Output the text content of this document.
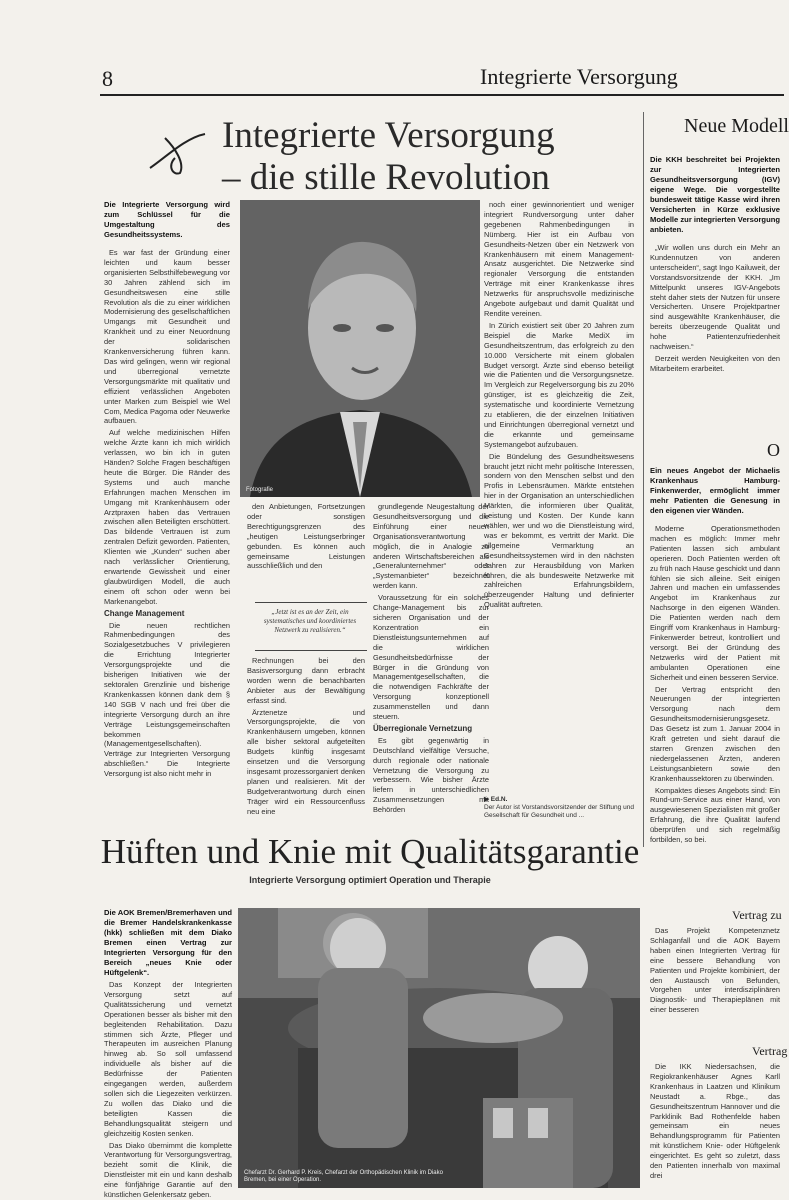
8	Integrierte Versorgung
Integrierte Versorgung
– die stille Revolution

Die Integrierte Versorgung wird zum Schlüssel für die Umgestaltung des Gesundheitssystems.

Es war fast der Gründung einer leichten und kaum besser organisierten Selbsthilfebewegung vor 30 Jahren zählend sich im Gesundheitswesen eine stille Revolution als die zu einer wirklichen Modernisierung des gesellschaftlichen Umgangs mit Gesundheit und Krankheit und zu einer Neuordnung der solidarischen Krankenversicherung führen kann. Das wird gelingen, wenn wir regional und überregional vernetzte Versorgungsmärkte mit qualitativ und effizient verlässlichen Angeboten unter Marken zum Beispiel wie Wel Com, Medica Pagoma oder Neuwerke aufbauen.

Auf welche medizinischen Hilfen welche Ärzte kann ich mich wirklich verlassen, wo bin ich in guten Händen? Solche Fragen beschäftigen heute die Bürger. Die Ränder des Systems und auch manche Erfahrungen machen Menschen im Umgang mit Krankenhäusern oder Arztpraxen haben das Vertrauen zwischen allen Beteiligten erschüttert. Das bildende Vertrauen ist zum zentralen Defizit geworden. Patienten, Klienten wie „Kunden“ suchen aber nach verlässlicher Orientierung, erwartende Gewissheit und einer glaubwürdigen Modell, die auch einem oft schon oder wenn bei Markenangebot.

Change Management

Die neuen rechtlichen Rahmenbedingungen des Sozialgesetzbuches V privilegieren die Errichtung Integrierter Versorgungsprojekte und die bisherigen Initiativen wie der sektoralen Grenzlinie und bisherige Krankenkassen können dank dem § 140 SGB V nach und frei über die integrierte Versorgung durch an ihre Verträge Leistungsgemeinschaften bekommen (Managementgesellschaften). Verträge zur Integrierten Versorgung abschließen.“ Die Integrierte Versorgung ist also nicht mehr in

Fotografie

den Anbietungen, Fortsetzungen oder sonstigen Berechtigungsgrenzen des „heutigen Leistungserbringer gebunden. Es können auch gemeinsame Leistungen ausschließlich und den

„Jetzt ist es an der Zeit, ein systematisches und koordiniertes Netzwerk zu realisieren.“

Rechnungen bei den Basisversorgung dann erbracht worden wenn die benachbarten Anbieter aus der Bewältigung erfasst sind.

Ärztenetze und Versorgungsprojekte, die von Krankenhäusern umgeben, können alle bisher sektoral aufgeteilten Budgets künftig insgesamt einsetzen und die Versorgung insgesamt prozessorganiert denken planen und realisieren. Mit der Budgetverantwortung durch einen Träger wird ein Ressourcenfluss neu eine

grundlegende Neugestaltung der Gesundheitsversorgung und die Einführung einer neuen Organisationsverantwortung möglich, die in Analogie zu anderen Wirtschaftsbereichen als „Generalunternehmer“ oder „Systemanbieter“ bezeichnet werden kann.

Voraussetzung für ein solches Change-Management bis zur sicheren Organisation und der Konzentration ein Dienstleistungsunternehmen auf die wirklichen Gesundheitsbedürfnisse der Bürger in die Gründung von Managementgesellschaften, die die notwendigen Fachkräfte der Versorgung konzeptionell zusammenstellen und dann steuern.

Überregionale Vernetzung

Es gibt gegenwärtig in Deutschland vielfältige Versuche, durch regionale oder nationale Vernetzung die Versorgung zu verbessern. Wie bisher Ärzte liefern in unterschiedlichen Zusammensetzungen mit Behörden

noch einer gewinnorientiert und weniger integriert Rundversorgung unter daher gegebenen Rahmenbedingungen in Nürnberg. Hier ist ein Aufbau von Gesundheits-Netzen über ein Netzwerk von Krankenhäusern mit einem Management-Ansatz ausgerichtet. Die Netzwerke sind regionaler Versorgung die entstanden Verträge mit einer Krankenkasse ihres Netzwerks für anspruchsvolle medizinische Angebote aufgebaut und damit Qualität und Rendite vereinen.

In Zürich existiert seit über 20 Jahren zum Beispiel die Marke MediX im Gesundheitszentrum, das erfolgreich zu den 10.000 Versicherte mit einem globalen Budget versorgt. Ärzte sind ebenso beteiligt wie die Patienten und die Versorgungsnetze. Im Vergleich zur Regelversorgung bis zu 20% günstiger, ist es gleichzeitig die Zeit, systematische und koordinierte Vernetzung zu etablieren, die der einzelnen Initiativen und Einrichtungen überregional vernetzt und die erkannte und gemeinsame Systemangebot aufzubauen.

Die Bündelung des Gesundheitswesens braucht jetzt nicht mehr politische Interessen, sondern von den Menschen selbst und den Profis in Lebensräumen. Märkte entstehen hier in der Organisation an unterschiedlichen Märkten, die informieren über Qualität, Leistung und Kosten. Der Kunde kann wählen, wer und wo die Dienstleistung wird, was er bekommt, es vertritt der Markt. Die allgemeine Vermarktung an Gesundheitssystemen wird in den nächsten Jahren zur Herausbildung von Marken führen, die als bundesweite Netzwerke mit zahlreichen Erfahrungsbildern, überzeugender Haltung und definierter Qualität auftreten.

▶ Ed.N.
Der Autor ist Vorstandsvorsitzender der Stiftung und Gesellschaft für Gesundheit und ...
Neue Modell

Die KKH beschreitet bei Projekten zur Integrierten Gesundheitsversorgung (IGV) eigene Wege. Die vorgestellte bundesweit tätige Kasse wird ihren Versicherten in Kürze exklusive Modelle zur integrierten Versorgung anbieten.

„Wir wollen uns durch ein Mehr an Kundennutzen von anderen unterscheiden“, sagt Ingo Kailuweit, der Vorstandsvorsitzende der KKH. „Im Mittelpunkt unseres IGV-Angebots steht daher stets der Nutzen für unsere Versicherten. Unsere Projektpartner sind ausgewählte Krankenhäuser, die bereits überzeugende Qualität und hohe Patientenzufriedenheit nachweisen.“

Derzeit werden Neuigkeiten von den Mitarbeitern erarbeitet.

O

Ein neues Angebot der Michaelis Krankenhaus Hamburg-Finkenwerder, ermöglicht immer mehr Patienten die Genesung in den eigenen vier Wänden.

Moderne Operationsmethoden machen es möglich: Immer mehr Patienten lassen sich ambulant operieren. Doch Patienten werden oft zu früh nach Hause geschickt und dann fühlen sie sich alleine. Seit einigen Jahren und machen ein umfassendes Angebot im Krankenhaus zur Nachsorge in den eigenen Wänden. Die Patienten werden nach dem Eingriff vom Krankenhaus in Hamburg-Finkenwerder betreut, kontrolliert und versorgt. Bei der Gründung des Netzwerks wird der Patient mit ambulanten Operationen eine Sicherheit und einen besseren Service.

Der Vertrag entspricht den Neuerungen der integrierten Versorgung nach dem Gesundheitsmodernisierungsgesetz. Das Gesetz ist zum 1. Januar 2004 in Kraft getreten und sieht darauf die starren Grenzen zwischen den niedergelassenen Ärzten, anderen Leistungsanbietern sowie den Krankenhaussektoren zu überwinden.

Kompaktes dieses Angebots sind: Ein Rund-um-Service aus einer Hand, von ausgewiesenen Spezialisten mit großer Erfahrung, die ihre Qualität laufend überprüfen und sich regelmäßig fortbilden, so bei.

Hüften und Knie mit Qualitätsgarantie
Integrierte Versorgung optimiert Operation und Therapie

Die AOK Bremen/Bremerhaven und die Bremer Handelskrankenkasse (hkk) schließen mit dem Diako Bremen einen Vertrag zur Integrierten Versorgung für den Bereich „neues Knie oder Hüftgelenk“.

Das Konzept der Integrierten Versorgung setzt auf Qualitätssicherung und vernetzt Operationen besser als bisher mit den begleitenden Rehabilitation. Dazu stimmen sich Ärzte, Pfleger und Therapeuten im ausreichen Planung hinweg ab. So soll umfassend individuelle als bisher auf die Bedürfnisse der Patienten eingegangen werden, außerdem sollen sich die Liegezeiten verkürzen. Zu wollen das Diako und die beteiligten Kassen die Behandlungsqualität steigern und gleichzeitig Kosten senken.

Das Diako übernimmt die komplette Verantwortung für Versorgungsvertrag, bezieht somit die Klinik, die Dienstleister mit ein und kann deshalb eine fünfjährige Garantie auf den künstlichen Gelenkersatz geben.

Chefarzt Dr. Gerhard P. Kreis, Chefarzt der Orthopädischen Klinik im Diako Bremen, bei einer Operation.
Vertrag zu

Das Projekt Kompetenznetz Schlaganfall und die AOK Bayern haben einen Integrierten Vertrag für eine bessere Behandlung von Patienten und Projekte kombiniert, der den Austausch von Befunden, Vorgehen unter interdisziplinären Diagnostik- und Therapieplänen mit einer besseren

Vertrag

Die IKK Niedersachsen, die Regiokrankenhäuser Agnes Karll Krankenhaus in Laatzen und Klinikum Neustadt a. Rbge., das Gesundheitszentrum Hannover und die Parkklinik Bad Rothenfelde haben gemeinsam ein neues Behandlungsprogramm für Patienten mit künstlichem Knie- oder Hüftgelenk eingerichtet. Es geht so zuletzt, dass den Patienten innerhalb von maximal drei
